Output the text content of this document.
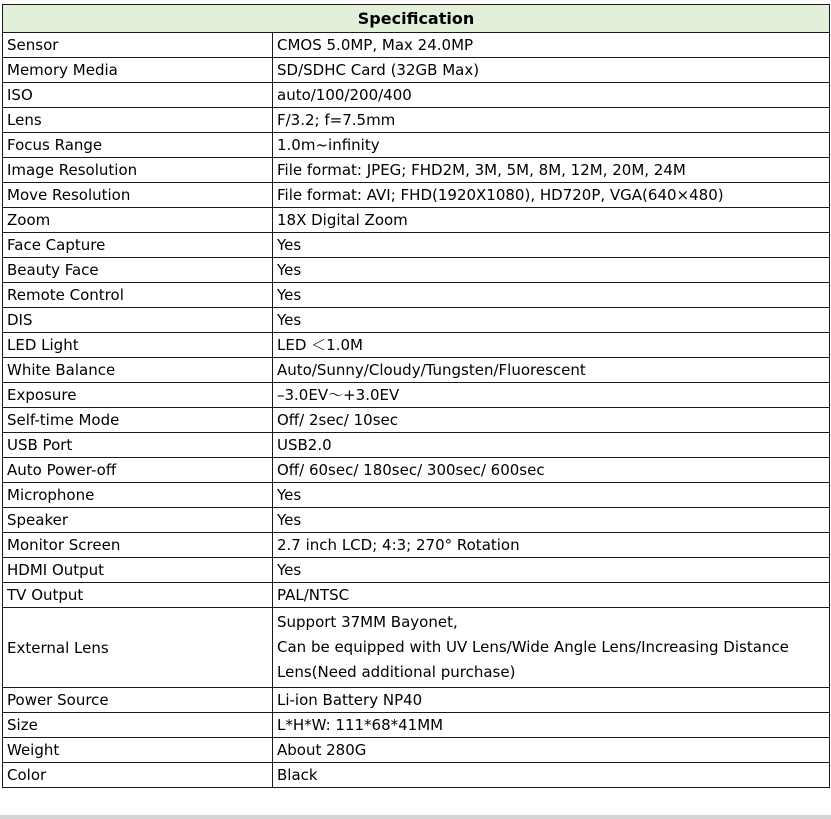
Specification	
Sensor	CMOS 5.0MP, Max 24.0MP
Memory Media	SD/SDHC Card (32GB Max)
ISO	auto/100/200/400
Lens	F/3.2; f=7.5mm
Focus Range	1.0m~infinity
Image Resolution	File format: JPEG; FHD2M, 3M, 5M, 8M, 12M, 20M, 24M
Move Resolution	File format: AVI; FHD(1920X1080), HD720P, VGA(640×480)
Zoom	18X Digital Zoom
Face Capture	Yes
Beauty Face	Yes
Remote Control	Yes
DIS	Yes
LED Light	LED ＜1.0M
White Balance	Auto/Sunny/Cloudy/Tungsten/Fluorescent
Exposure	–3.0EV～+3.0EV
Self-time Mode	Off/ 2sec/ 10sec
USB Port	USB2.0
Auto Power-off	Off/ 60sec/ 180sec/ 300sec/ 600sec
Microphone	Yes
Speaker	Yes
Monitor Screen	2.7 inch LCD; 4:3; 270° Rotation
HDMI Output	Yes
TV Output	PAL/NTSC
External Lens	Support 37MM Bayonet,
Can be equipped with UV Lens/Wide Angle Lens/Increasing Distance
Lens(Need additional purchase)

Power Source	Li-ion Battery NP40
Size	L*H*W: 111*68*41MM
Weight	About 280G
Color	Black
